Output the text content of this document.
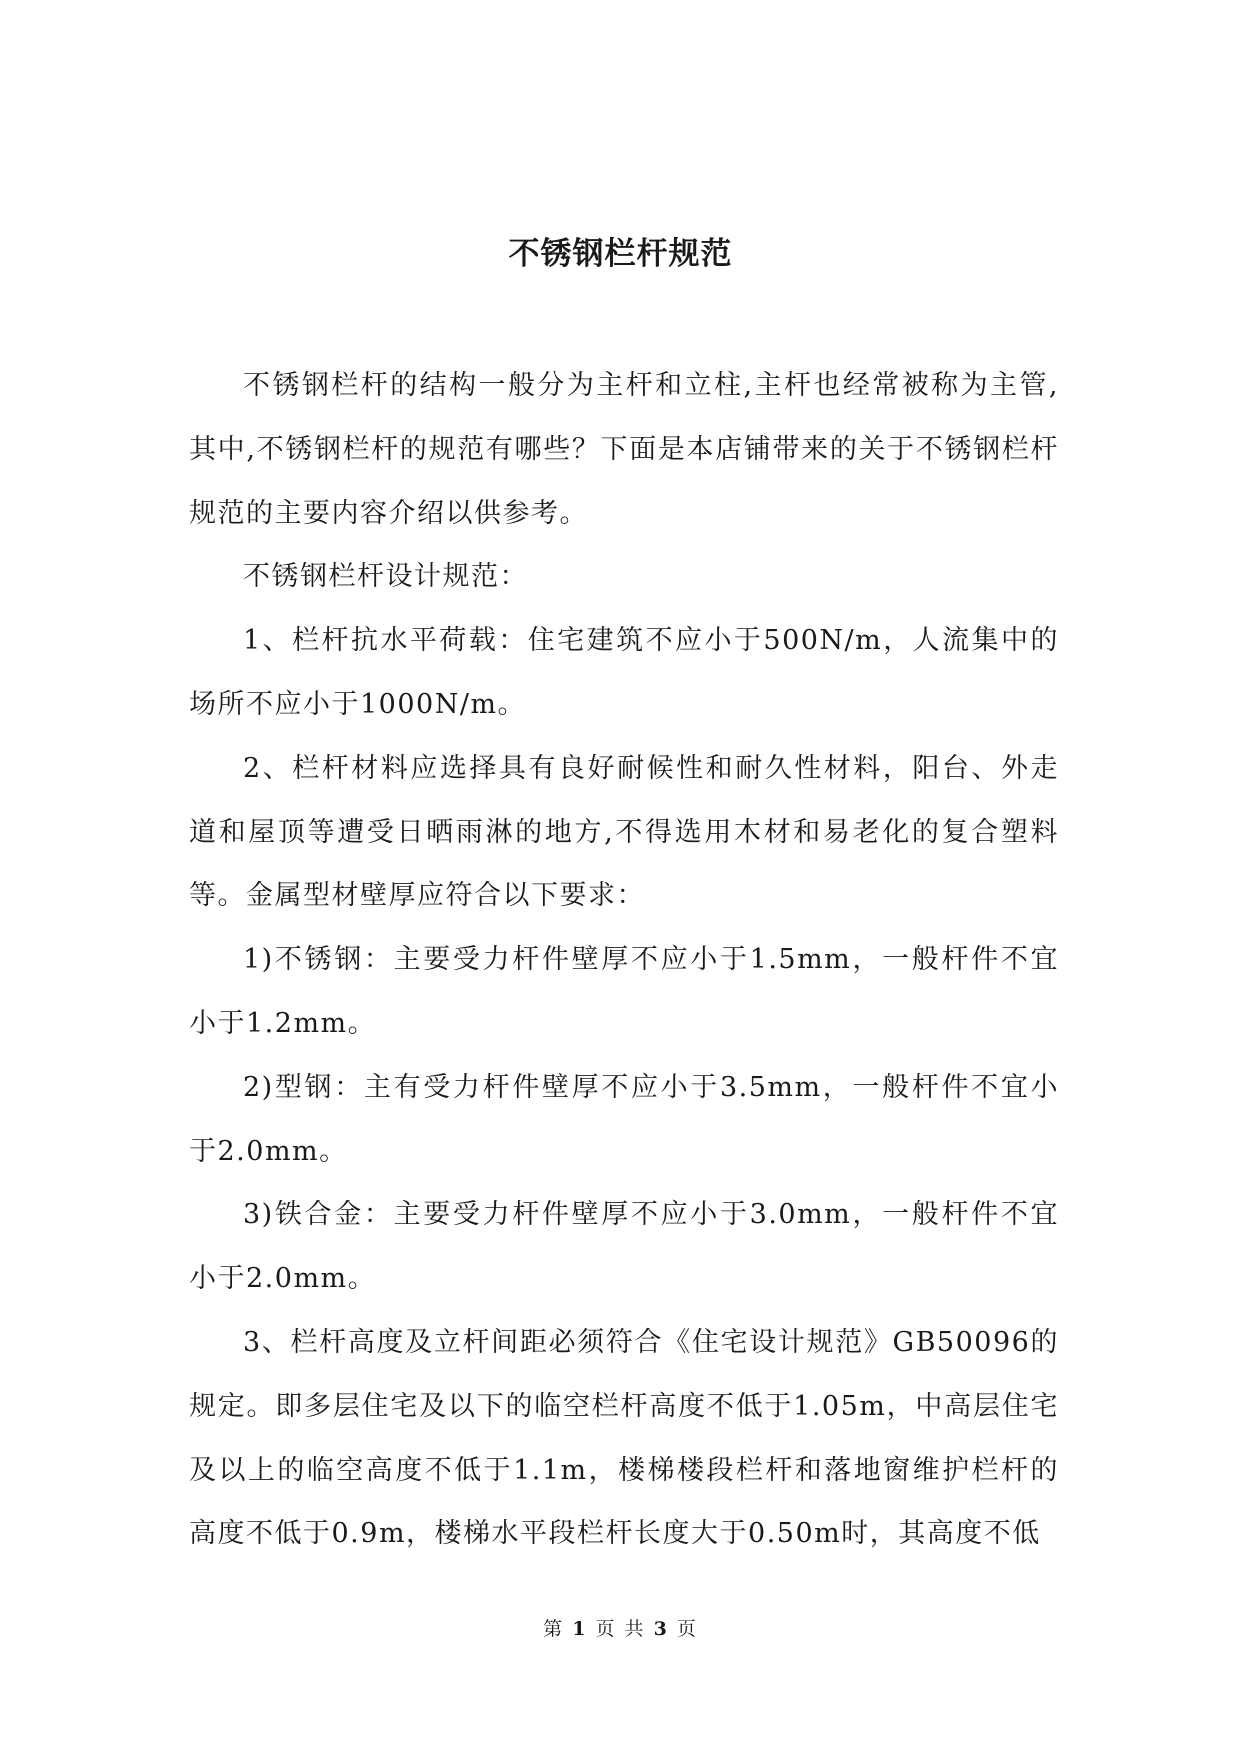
不锈钢栏杆规范

不锈钢栏杆的结构一般分为主杆和立柱,主杆也经常被称为主管,其中,不锈钢栏杆的规范有哪些？下面是本店铺带来的关于不锈钢栏杆规范的主要内容介绍以供参考。

不锈钢栏杆设计规范：

1、栏杆抗水平荷载：住宅建筑不应小于500N/m，人流集中的场所不应小于1000N/m。

2、栏杆材料应选择具有良好耐候性和耐久性材料，阳台、外走道和屋顶等遭受日晒雨淋的地方,不得选用木材和易老化的复合塑料等。金属型材壁厚应符合以下要求：

1)不锈钢：主要受力杆件壁厚不应小于1.5mm，一般杆件不宜小于1.2mm。

2)型钢：主有受力杆件壁厚不应小于3.5mm，一般杆件不宜小于2.0mm。

3)铁合金：主要受力杆件壁厚不应小于3.0mm，一般杆件不宜小于2.0mm。

3、栏杆高度及立杆间距必须符合《住宅设计规范》GB50096的规定。即多层住宅及以下的临空栏杆高度不低于1.05m，中高层住宅及以上的临空高度不低于1.1m，楼梯楼段栏杆和落地窗维护栏杆的高度不低于0.9m，楼梯水平段栏杆长度大于0.50m时，其高度不低

第 1 页 共 3 页
